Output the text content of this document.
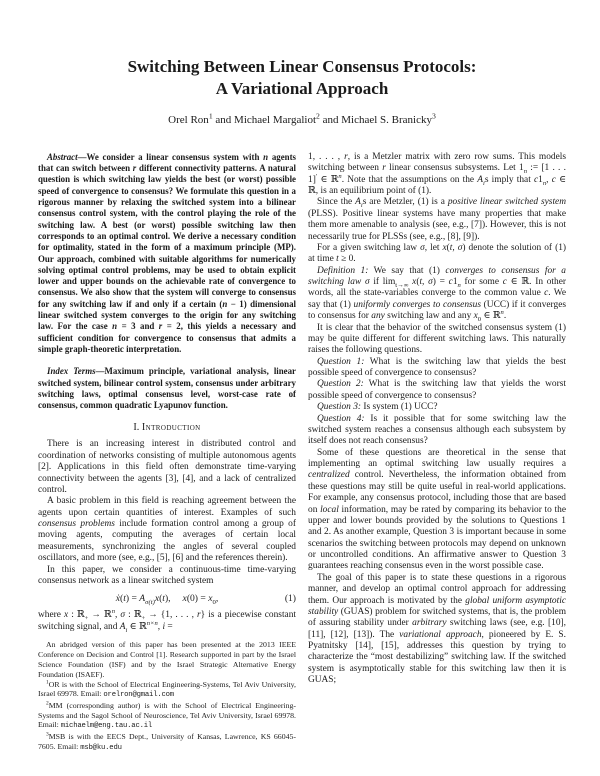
Switching Between Linear Consensus Protocols:
A Variational Approach
Orel Ron$^1$ and Michael Margaliot$^2$ and Michael S. Branicky$^3$

Abstract—We consider a linear consensus system with n agents that can switch between r different connectivity patterns. A natural question is which switching law yields the best (or worst) possible speed of convergence to consensus? We formulate this question in a rigorous manner by relaxing the switched system into a bilinear consensus control system, with the control playing the role of the switching law. A best (or worst) possible switching law then corresponds to an optimal control. We derive a necessary condition for optimality, stated in the form of a maximum principle (MP). Our approach, combined with suitable algorithms for numerically solving optimal control problems, may be used to obtain explicit lower and upper bounds on the achievable rate of convergence to consensus. We also show that the system will converge to consensus for any switching law if and only if a certain (n − 1) dimensional linear switched system converges to the origin for any switching law. For the case n = 3 and r = 2, this yields a necessary and sufficient condition for convergence to consensus that admits a simple graph-theoretic interpretation.

Index Terms—Maximum principle, variational analysis, linear switched system, bilinear control system, consensus under arbitrary switching laws, optimal consensus level, worst-case rate of consensus, common quadratic Lyapunov function.

I. Introduction

There is an increasing interest in distributed control and coordination of networks consisting of multiple autonomous agents [2]. Applications in this field often demonstrate time-varying connectivity between the agents [3], [4], and a lack of centralized control.

A basic problem in this field is reaching agreement between the agents upon certain quantities of interest. Examples of such consensus problems include formation control among a group of moving agents, computing the averages of certain local measurements, synchronizing the angles of several coupled oscillators, and more (see, e.g., [5], [6] and the references therein).

In this paper, we consider a continuous-time time-varying consensus network as a linear switched system

ẋ(t) = $A_{\sigma(t)}x(t)$,  $x(0) = x_0$,	(1)

where x : ℝ$_+$ → ℝ$^n$, σ : ℝ$_+$ → {1, . . . , r} is a piecewise constant switching signal, and $A_i$ ∈ ℝ$^{n\times n}$, i =

An abridged version of this paper has been presented at the 2013 IEEE Conference on Decision and Control [1]. Research supported in part by the Israel Science Foundation (ISF) and by the Israel Strategic Alternative Energy Foundation (ISAEF).

$^1$OR is with the School of Electrical Engineering-Systems, Tel Aviv University, Israel 69978. Email: orelron@gmail.com

$^2$MM (corresponding author) is with the School of Electrical Engineering-Systems and the Sagol School of Neuroscience, Tel Aviv University, Israel 69978. Email: michaelm@eng.tau.ac.il

$^3$MSB is with the EECS Dept., University of Kansas, Lawrence, KS 66045-7605. Email: msb@ku.edu

1, . . . , r, is a Metzler matrix with zero row sums. This models switching between r linear consensus subsystems. Let $1_n$ := [1 . . . 1]′ ∈ ℝ$^n$. Note that the assumptions on the $A_is$ imply that $c1_n$, c ∈ ℝ, is an equilibrium point of (1).

Since the $A_is$ are Metzler, (1) is a positive linear switched system (PLSS). Positive linear systems have many properties that make them more amenable to analysis (see, e.g., [7]). However, this is not necessarily true for PLSSs (see, e.g., [8], [9]).

For a given switching law σ, let x(t, σ) denote the solution of (1) at time t ≥ 0.

Definition 1: We say that (1) converges to consensus for a switching law σ if $\lim_{t\to\infty} x(t$, $\sigma) = c1_n$ for some c ∈ ℝ. In other words, all the state-variables converge to the common value c. We say that (1) uniformly converges to consensus (UCC) if it converges to consensus for any switching law and any $x_0$ ∈ ℝ$^n$.

It is clear that the behavior of the switched consensus system (1) may be quite different for different switching laws. This naturally raises the following questions.

Question 1: What is the switching law that yields the best possible speed of convergence to consensus?

Question 2: What is the switching law that yields the worst possible speed of convergence to consensus?

Question 3: Is system (1) UCC?

Question 4: Is it possible that for some switching law the switched system reaches a consensus although each subsystem by itself does not reach consensus?

Some of these questions are theoretical in the sense that implementing an optimal switching law usually requires a centralized control. Nevertheless, the information obtained from these questions may still be quite useful in real-world applications. For example, any consensus protocol, including those that are based on local information, may be rated by comparing its behavior to the upper and lower bounds provided by the solutions to Questions 1 and 2. As another example, Question 3 is important because in some scenarios the switching between protocols may depend on unknown or uncontrolled conditions. An affirmative answer to Question 3 guarantees reaching consensus even in the worst possible case.

The goal of this paper is to state these questions in a rigorous manner, and develop an optimal control approach for addressing them. Our approach is motivated by the global uniform asymptotic stability (GUAS) problem for switched systems, that is, the problem of assuring stability under arbitrary switching laws (see, e.g. [10], [11], [12], [13]). The variational approach, pioneered by E. S. Pyatnitsky [14], [15], addresses this question by trying to characterize the “most destabilizing” switching law. If the switched system is asymptotically stable for this switching law then it is GUAS;
